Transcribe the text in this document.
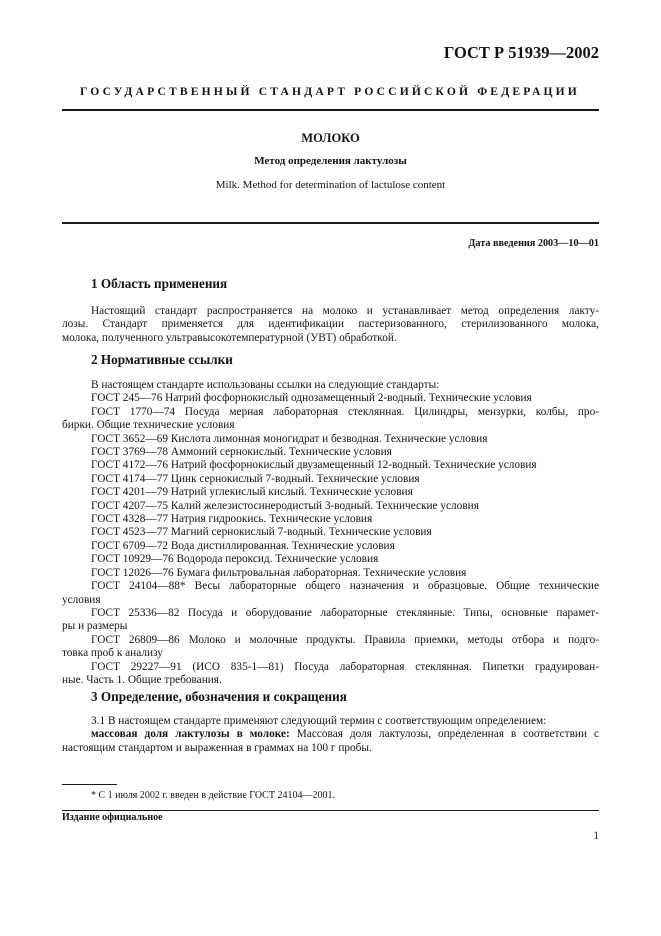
ГОСТ Р 51939—2002
ГОСУДАРСТВЕННЫЙ СТАНДАРТ РОССИЙСКОЙ ФЕДЕРАЦИИ
МОЛОКО
Метод определения лактулозы
Milk. Method for determination of lactulose content
Дата введения 2003—10—01
1 Область применения
Настоящий стандарт распространяется на молоко и устанавливает метод определения лакту-
лозы. Стандарт применяется для идентификации пастеризованного, стерилизованного молока,
молока, полученного ультравысокотемпературной (УВТ) обработкой.
2 Нормативные ссылки
В настоящем стандарте использованы ссылки на следующие стандарты:
ГОСТ 245—76 Натрий фосфорнокислый однозамещенный 2-водный. Технические условия
ГОСТ 1770—74 Посуда мерная лабораторная стеклянная. Цилиндры, мензурки, колбы, про-
бирки. Общие технические условия
ГОСТ 3652—69 Кислота лимонная моногидрат и безводная. Технические условия
ГОСТ 3769—78 Аммоний сернокислый. Технические условия
ГОСТ 4172—76 Натрий фосфорнокислый двузамещенный 12-водный. Технические условия
ГОСТ 4174—77 Цинк сернокислый 7-водный. Технические условия
ГОСТ 4201—79 Натрий углекислый кислый. Технические условия
ГОСТ 4207—75 Калий железистосинеродистый 3-водный. Технические условия
ГОСТ 4328—77 Натрия гидроокись. Технические условия
ГОСТ 4523—77 Магний сернокислый 7-водный. Технические условия
ГОСТ 6709—72 Вода дистиллированная. Технические условия
ГОСТ 10929—76 Водорода пероксид. Технические условия
ГОСТ 12026—76 Бумага фильтровальная лабораторная. Технические условия
ГОСТ 24104—88* Весы лабораторные общего назначения и образцовые. Общие технические
условия
ГОСТ 25336—82 Посуда и оборудование лабораторные стеклянные. Типы, основные парамет-
ры и размеры
ГОСТ 26809—86 Молоко и молочные продукты. Правила приемки, методы отбора и подго-
товка проб к анализу
ГОСТ 29227—91 (ИСО 835-1—81) Посуда лабораторная стеклянная. Пипетки градуирован-
ные. Часть 1. Общие требования.
3 Определение, обозначения и сокращения
3.1 В настоящем стандарте применяют следующий термин с соответствующим определением:
массовая доля лактулозы в молоке: Массовая доля лактулозы, определенная в соответствии с
настоящим стандартом и выраженная в граммах на 100 г пробы.
* С 1 июля 2002 г. введен в действие ГОСТ 24104—2001.
Издание официальное
1
